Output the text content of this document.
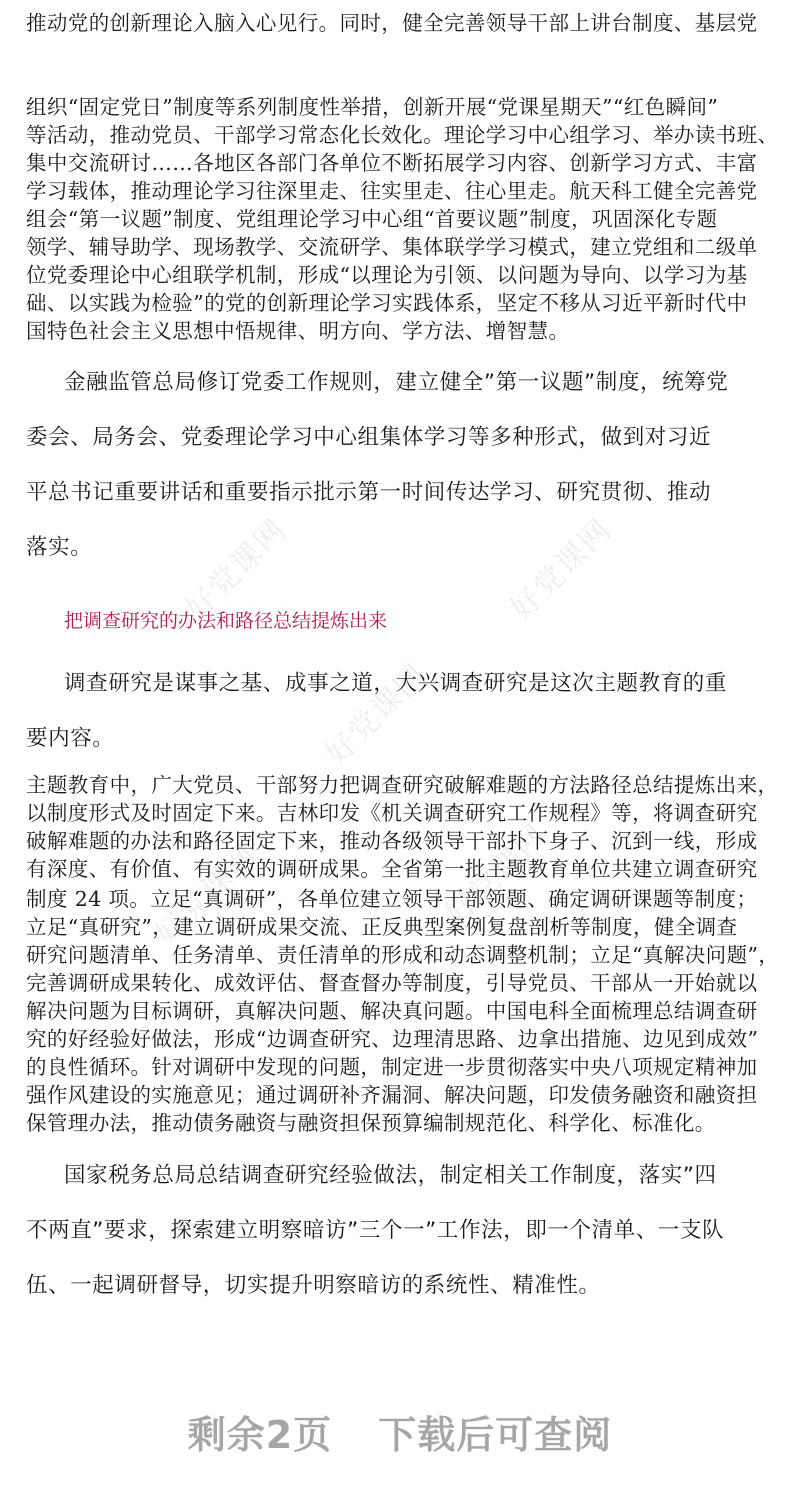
好党课网	好党课网
好党课网
好党课网	好党课网
推动党的创新理论入脑入心见行。同时，健全完善领导干部上讲台制度、基层党
组织“固定党日”制度等系列制度性举措，创新开展“党课星期天”“红色瞬间”
等活动，推动党员、干部学习常态化长效化。理论学习中心组学习、举办读书班、
集中交流研讨……各地区各部门各单位不断拓展学习内容、创新学习方式、丰富
学习载体，推动理论学习往深里走、往实里走、往心里走。航天科工健全完善党
组会“第一议题”制度、党组理论学习中心组“首要议题”制度，巩固深化专题
领学、辅导助学、现场教学、交流研学、集体联学学习模式，建立党组和二级单
位党委理论中心组联学机制，形成“以理论为引领、以问题为导向、以学习为基
础、以实践为检验”的党的创新理论学习实践体系，坚定不移从习近平新时代中
国特色社会主义思想中悟规律、明方向、学方法、增智慧。
金融监管总局修订党委工作规则，建立健全”第一议题”制度，统筹党
委会、局务会、党委理论学习中心组集体学习等多种形式，做到对习近
平总书记重要讲话和重要指示批示第一时间传达学习、研究贯彻、推动
落实。
把调查研究的办法和路径总结提炼出来
调查研究是谋事之基、成事之道，大兴调查研究是这次主题教育的重
要内容。
主题教育中，广大党员、干部努力把调查研究破解难题的方法路径总结提炼出来，
以制度形式及时固定下来。吉林印发《机关调查研究工作规程》等，将调查研究
破解难题的办法和路径固定下来，推动各级领导干部扑下身子、沉到一线，形成
有深度、有价值、有实效的调研成果。全省第一批主题教育单位共建立调查研究
制度 24 项。立足“真调研”，各单位建立领导干部领题、确定调研课题等制度；
立足“真研究”，建立调研成果交流、正反典型案例复盘剖析等制度，健全调查
研究问题清单、任务清单、责任清单的形成和动态调整机制；立足“真解决问题”，
完善调研成果转化、成效评估、督查督办等制度，引导党员、干部从一开始就以
解决问题为目标调研，真解决问题、解决真问题。中国电科全面梳理总结调查研
究的好经验好做法，形成“边调查研究、边理清思路、边拿出措施、边见到成效”
的良性循环。针对调研中发现的问题，制定进一步贯彻落实中央八项规定精神加
强作风建设的实施意见；通过调研补齐漏洞、解决问题，印发债务融资和融资担
保管理办法，推动债务融资与融资担保预算编制规范化、科学化、标准化。
国家税务总局总结调查研究经验做法，制定相关工作制度，落实”四
不两直”要求，探索建立明察暗访”三个一”工作法，即一个清单、一支队
伍、一起调研督导，切实提升明察暗访的系统性、精准性。
剩余2页 下载后可查阅
